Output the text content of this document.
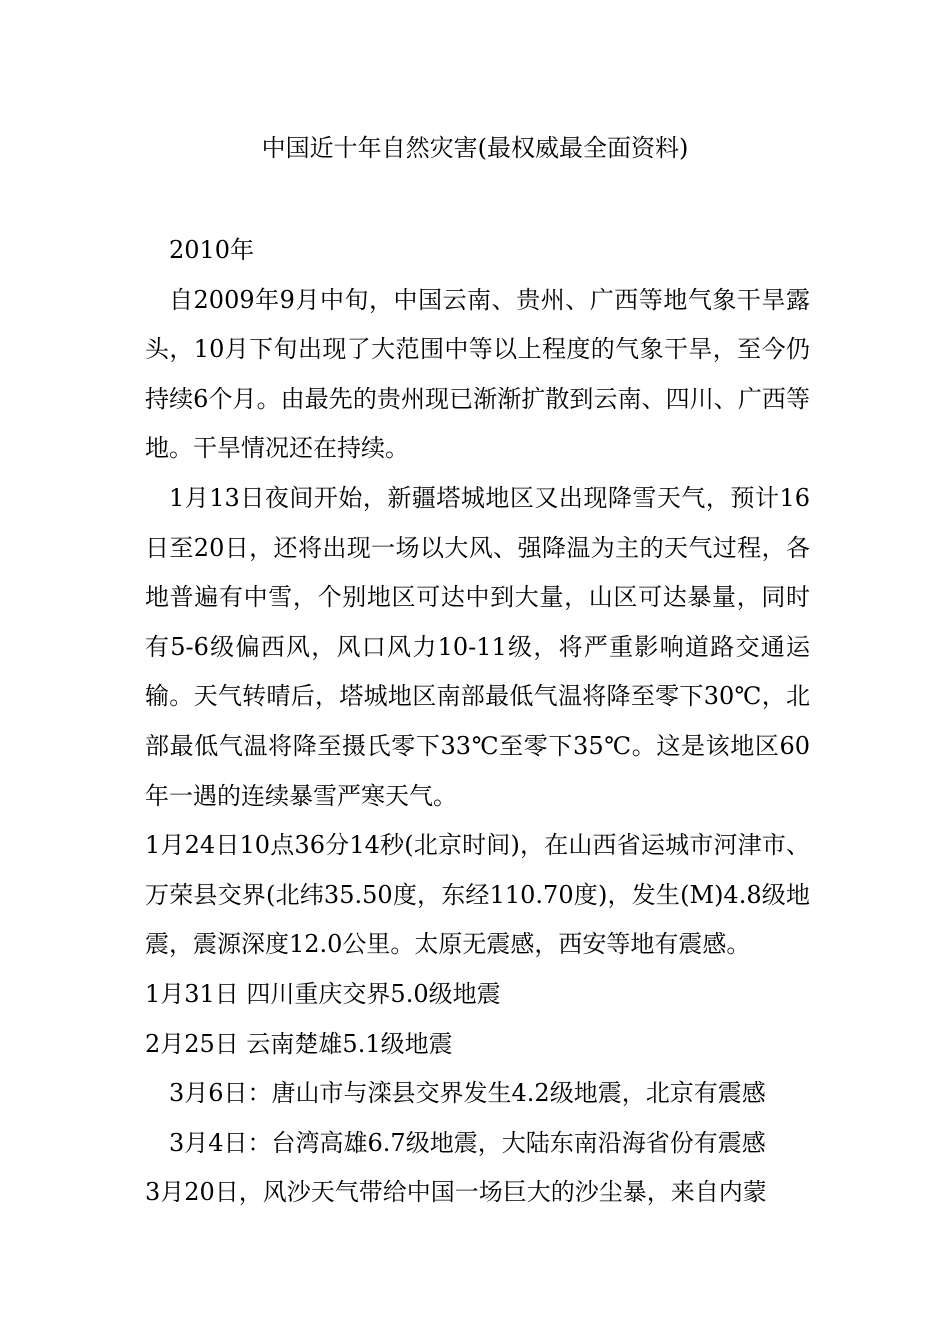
中国近十年自然灾害(最权威最全面资料)

2010年

自2009年9月中旬，中国云南、贵州、广西等地气象干旱露头，10月下旬出现了大范围中等以上程度的气象干旱，至今仍持续6个月。由最先的贵州现已渐渐扩散到云南、四川、广西等地。干旱情况还在持续。

1月13日夜间开始，新疆塔城地区又出现降雪天气，预计16日至20日，还将出现一场以大风、强降温为主的天气过程，各地普遍有中雪，个别地区可达中到大量，山区可达暴量，同时有5-6级偏西风，风口风力10-11级，将严重影响道路交通运输。天气转晴后，塔城地区南部最低气温将降至零下30℃，北部最低气温将降至摄氏零下33℃至零下35℃。这是该地区60年一遇的连续暴雪严寒天气。

1月24日10点36分14秒(北京时间)，在山西省运城市河津市、万荣县交界(北纬35.50度，东经110.70度)，发生(M)4.8级地震，震源深度12.0公里。太原无震感，西安等地有震感。

1月31日 四川重庆交界5.0级地震

2月25日 云南楚雄5.1级地震

3月6日：唐山市与滦县交界发生4.2级地震，北京有震感

3月4日：台湾高雄6.7级地震，大陆东南沿海省份有震感

3月20日，风沙天气带给中国一场巨大的沙尘暴，来自内蒙
